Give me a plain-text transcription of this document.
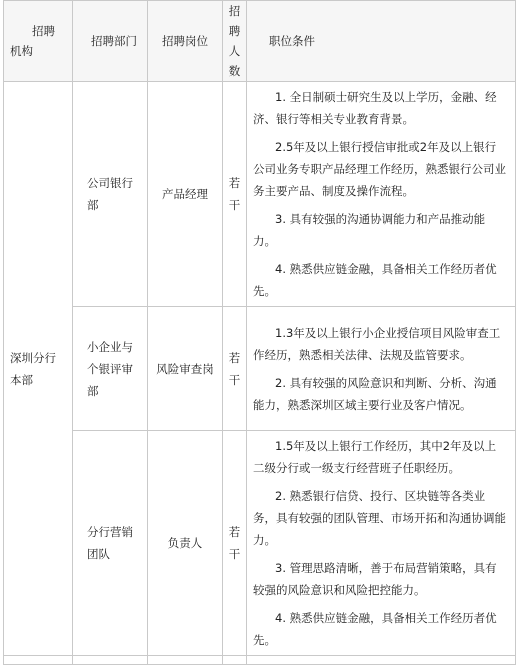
招聘机构	招聘部门	招聘岗位	招聘人数	职位条件

深圳分行本部	公司银行部	产品经理	若干	1. 全日制硕士研究生及以上学历，金融、经济、银行等相关专业教育背景。

2.5年及以上银行授信审批或2年及以上银行公司业务专职产品经理工作经历，熟悉银行公司业务主要产品、制度及操作流程。

3. 具有较强的沟通协调能力和产品推动能力。

4. 熟悉供应链金融，具备相关工作经历者优先。

	小企业与个银评审部	风险审查岗	若干	1.3年及以上银行小企业授信项目风险审查工作经历，熟悉相关法律、法规及监管要求。

2. 具有较强的风险意识和判断、分析、沟通能力，熟悉深圳区域主要行业及客户情况。

	分行营销团队	负责人	若干	1.5年及以上银行工作经历，其中2年及以上二级分行或一级支行经营班子任职经历。

2. 熟悉银行信贷、投行、区块链等各类业务，具有较强的团队管理、市场开拓和沟通协调能力。

3. 管理思路清晰，善于布局营销策略，具有较强的风险意识和风险把控能力。

4. 熟悉供应链金融，具备相关工作经历者优先。
